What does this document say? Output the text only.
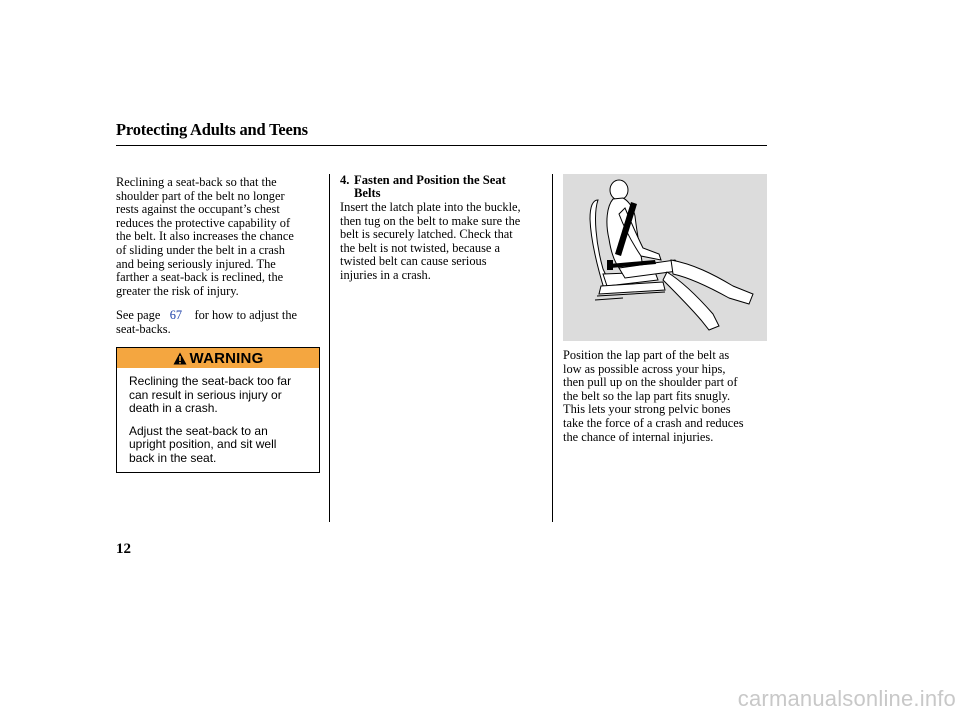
Protecting Adults and Teens

Reclining a seat-back so that the

shoulder part of the belt no longer

rests against the occupant’s chest

reduces the protective capability of

the belt. It also increases the chance

of sliding under the belt in a crash

and being seriously injured. The

farther a seat-back is reclined, the

greater the risk of injury.

See page 67 for how to adjust the

seat-backs.

WARNING

Reclining the seat-back too far
can result in serious injury or
death in a crash.

Adjust the seat-back to an
upright position, and sit well
back in the seat.

4. Fasten and Position the Seat
Belts

Insert the latch plate into the buckle,

then tug on the belt to make sure the

belt is securely latched. Check that

the belt is not twisted, because a

twisted belt can cause serious

injuries in a crash.

Position the lap part of the belt as

low as possible across your hips,

then pull up on the shoulder part of

the belt so the lap part fits snugly.

This lets your strong pelvic bones

take the force of a crash and reduces

the chance of internal injuries.

12
carmanualsonline.info
